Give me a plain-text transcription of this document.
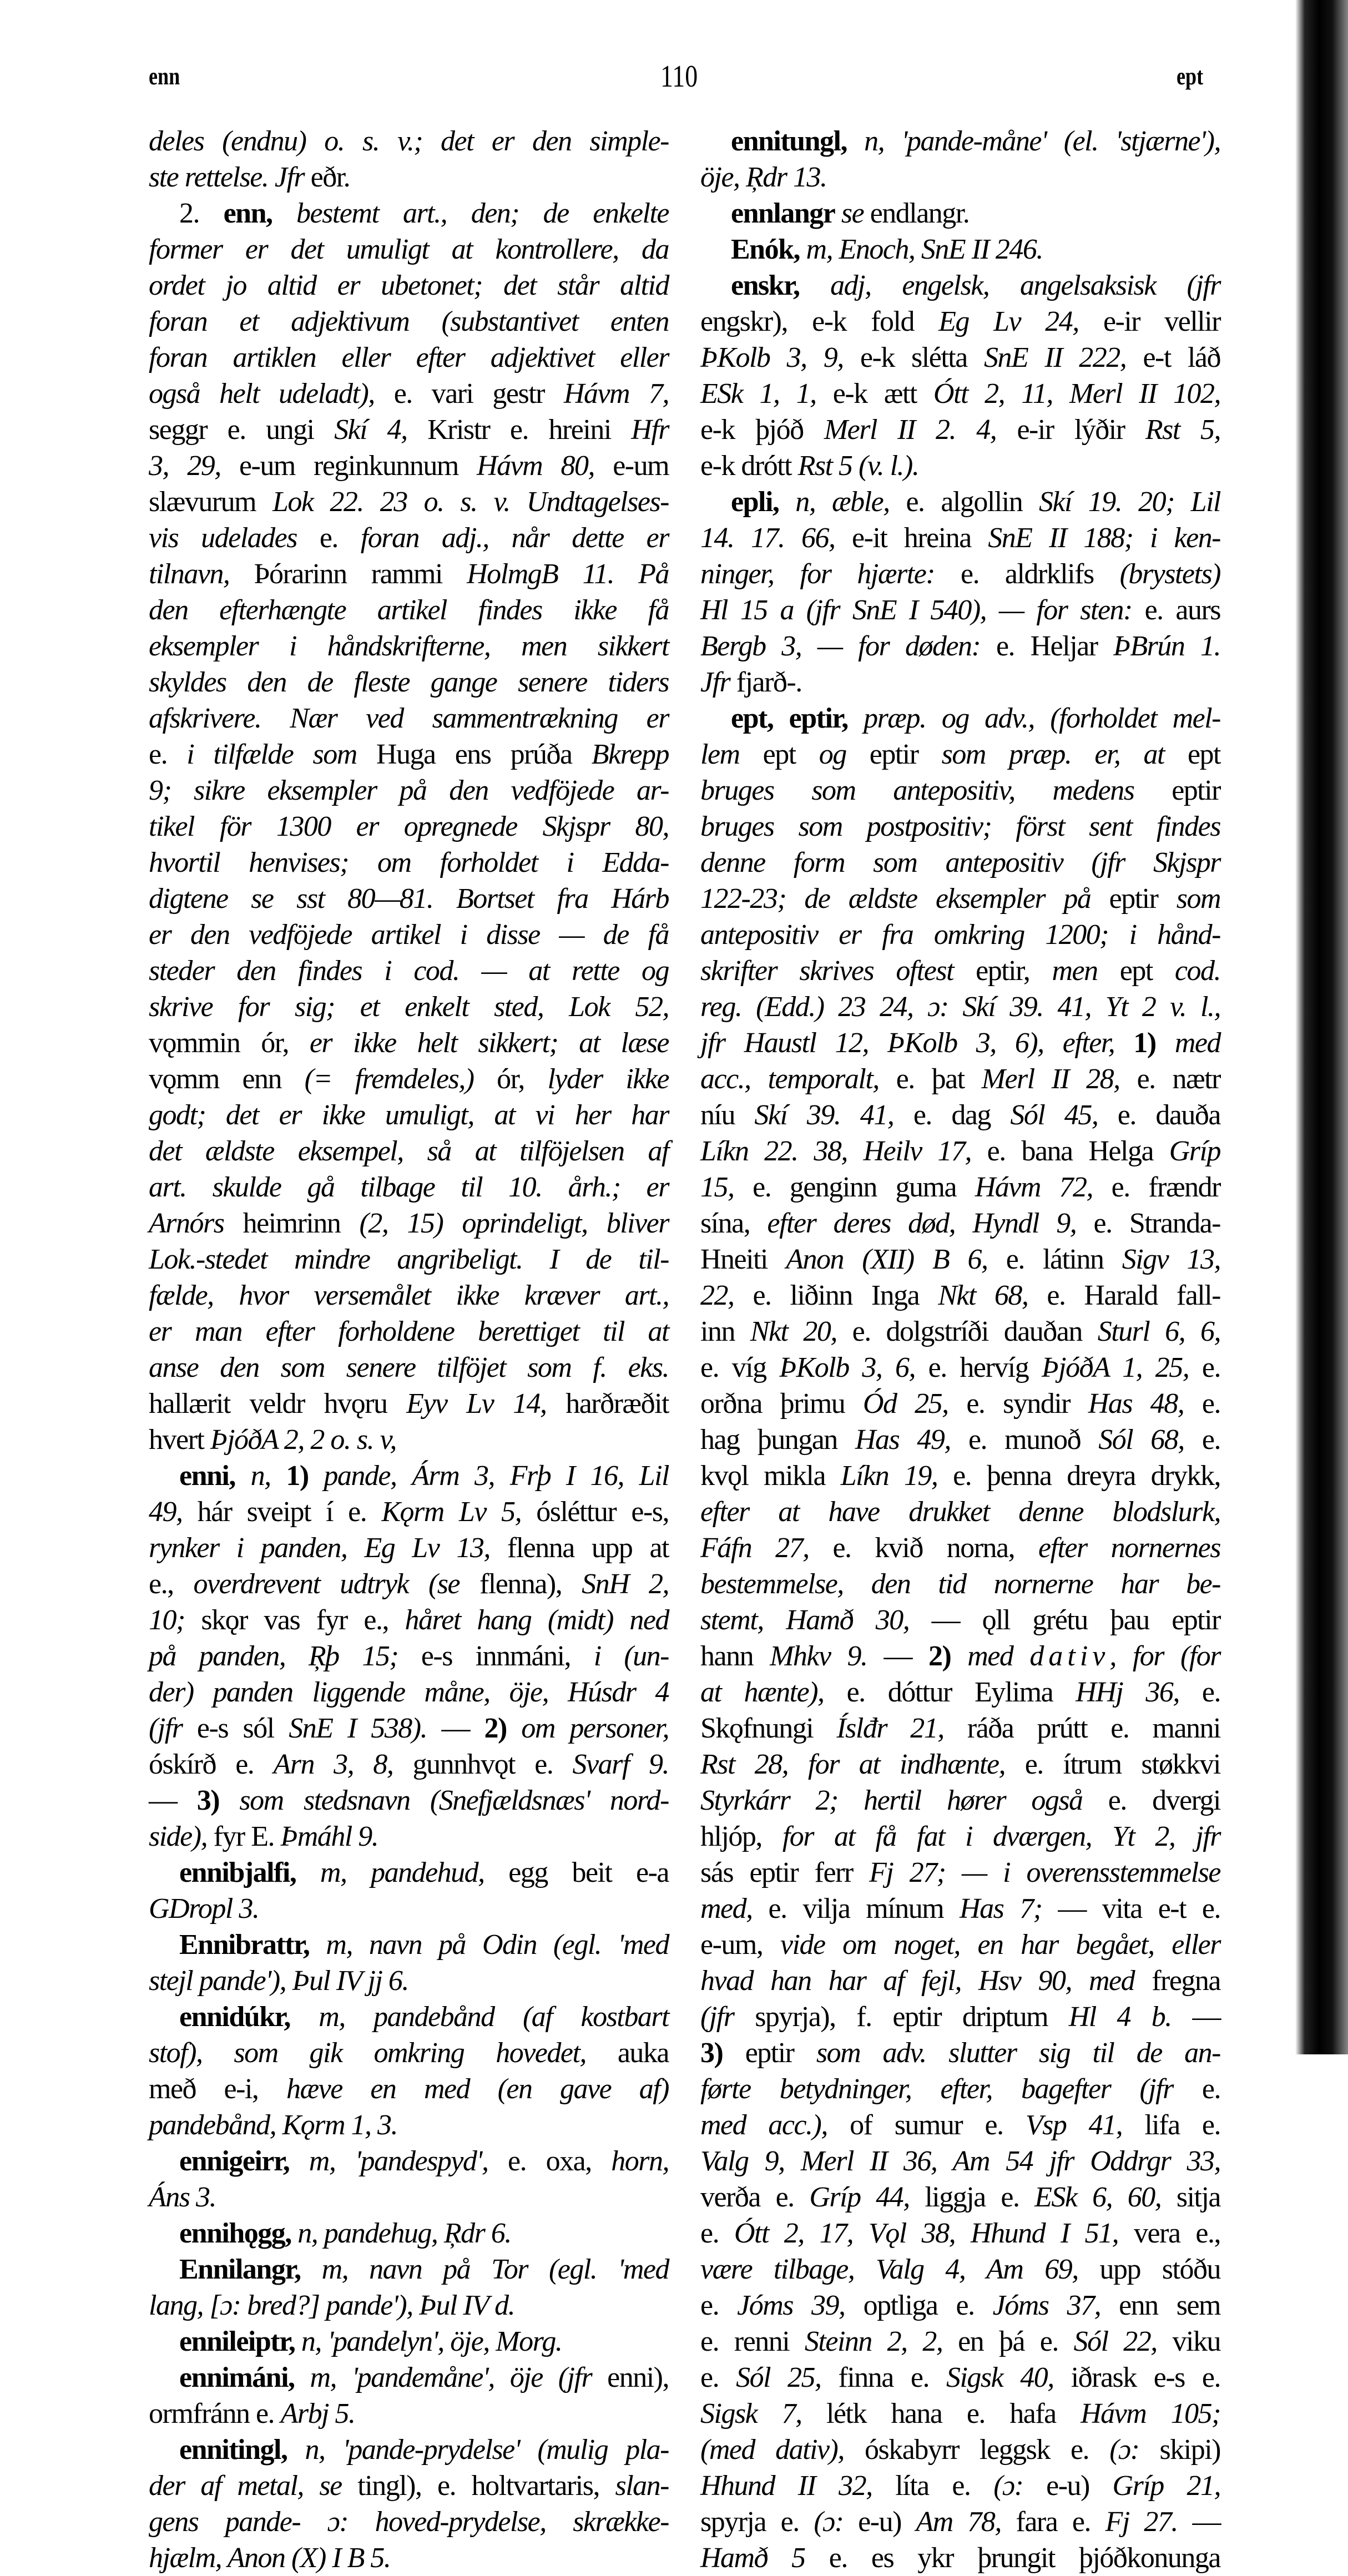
enn	110	ept
deles (endnu) o. s. v.; det er den simple-
ste rettelse. Jfr eðr.
2. enn, bestemt art., den; de enkelte
former er det umuligt at kontrollere, da
ordet jo altid er ubetonet; det står altid
foran et adjektivum (substantivet enten
foran artiklen eller efter adjektivet eller
også helt udeladt), e. vari gestr Hávm 7,
seggr e. ungi Skí 4, Kristr e. hreini Hfr
3, 29, e-um reginkunnum Hávm 80, e-um
slævurum Lok 22. 23 o. s. v. Undtagelses-
vis udelades e. foran adj., når dette er
tilnavn, Þórarinn rammi HolmgB 11. På
den efterhængte artikel findes ikke få
eksempler i håndskrifterne, men sikkert
skyldes den de fleste gange senere tiders
afskrivere. Nær ved sammentrækning er
e. i tilfælde som Huga ens prúða Bkrepp
9; sikre eksempler på den vedföjede ar-
tikel för 1300 er opregnede Skjspr 80,
hvortil henvises; om forholdet i Edda-
digtene se sst 80—81. Bortset fra Hárb
er den vedföjede artikel i disse — de få
steder den findes i cod. — at rette og
skrive for sig; et enkelt sted, Lok 52,
vǫmmin ór, er ikke helt sikkert; at læse
vǫmm enn (= fremdeles,) ór, lyder ikke
godt; det er ikke umuligt, at vi her har
det ældste eksempel, så at tilföjelsen af
art. skulde gå tilbage til 10. årh.; er
Arnórs heimrinn (2, 15) oprindeligt, bliver
Lok.-stedet mindre angribeligt. I de til-
fælde, hvor versemålet ikke kræver art.,
er man efter forholdene berettiget til at
anse den som senere tilföjet som f. eks.
hallærit veldr hvǫru Eyv Lv 14, harðræðit
hvert ÞjóðA 2, 2 o. s. v,
enni, n, 1) pande, Árm 3, Frþ I 16, Lil
49, hár sveipt í e. Kǫrm Lv 5, ósléttur e-s,
rynker i panden, Eg Lv 13, flenna upp at
e., overdrevent udtryk (se flenna), SnH 2,
10; skǫr vas fyr e., håret hang (midt) ned
på panden, Ŗþ 15; e-s innmáni, i (un-
der) panden liggende måne, öje, Húsdr 4
(jfr e-s sól SnE I 538). — 2) om personer,
óskírð e. Arn 3, 8, gunnhvǫt e. Svarf 9.
— 3) som stedsnavn (Snefjældsnæs' nord-
side), fyr E. Þmáhl 9.
ennibjalfi, m, pandehud, egg beit e-a
GDropl 3.
Ennibrattr, m, navn på Odin (egl. 'med
stejl pande'), Þul IV jj 6.
ennidúkr, m, pandebånd (af kostbart
stof), som gik omkring hovedet, auka
með e-i, hæve en med (en gave af)
pandebånd, Kǫrm 1, 3.
ennigeirr, m, 'pandespyd', e. oxa, horn,
Áns 3.
ennihǫgg, n, pandehug, Ŗdr 6.
Ennilangr, m, navn på Tor (egl. 'med
lang, [ɔ: bred?] pande'), Þul IV d.
ennileiptr, n, 'pandelyn', öje, Morg.
ennimáni, m, 'pandemåne', öje (jfr enni),
ormfránn e. Arbj 5.
ennitingl, n, 'pande-prydelse' (mulig pla-
der af metal, se tingl), e. holtvartaris, slan-
gens pande- ɔ: hoved-prydelse, skrække-
hjælm, Anon (X) I B 5.
ennitungl, n, 'pande-måne' (el. 'stjærne'),
öje, Ŗdr 13.
ennlangr se endlangr.
Enók, m, Enoch, SnE II 246.
enskr, adj, engelsk, angelsaksisk (jfr
engskr), e-k fold Eg Lv 24, e-ir vellir
ÞKolb 3, 9, e-k slétta SnE II 222, e-t láð
ESk 1, 1, e-k ætt Ótt 2, 11, Merl II 102,
e-k þjóð Merl II 2. 4, e-ir lýðir Rst 5,
e-k drótt Rst 5 (v. l.).
epli, n, æble, e. algollin Skí 19. 20; Lil
14. 17. 66, e-it hreina SnE II 188; i ken-
ninger, for hjærte: e. aldrklifs (brystets)
Hl 15 a (jfr SnE I 540), — for sten: e. aurs
Bergb 3, — for døden: e. Heljar ÞBrún 1.
Jfr fjarð-.
ept, eptir, præp. og adv., (forholdet mel-
lem ept og eptir som præp. er, at ept
bruges som antepositiv, medens eptir
bruges som postpositiv; först sent findes
denne form som antepositiv (jfr Skjspr
122-23; de ældste eksempler på eptir som
antepositiv er fra omkring 1200; i hånd-
skrifter skrives oftest eptir, men ept cod.
reg. (Edd.) 23 24, ɔ: Skí 39. 41, Yt 2 v. l.,
jfr Haustl 12, ÞKolb 3, 6), efter, 1) med
acc., temporalt, e. þat Merl II 28, e. nætr
níu Skí 39. 41, e. dag Sól 45, e. dauða
Líkn 22. 38, Heilv 17, e. bana Helga Gríp
15, e. genginn guma Hávm 72, e. frændr
sína, efter deres død, Hyndl 9, e. Stranda-
Hneiti Anon (XII) B 6, e. látinn Sigv 13,
22, e. liðinn Inga Nkt 68, e. Harald fall-
inn Nkt 20, e. dolgstríði dauðan Sturl 6, 6,
e. víg ÞKolb 3, 6, e. hervíg ÞjóðA 1, 25, e.
orðna þrimu Ód 25, e. syndir Has 48, e.
hag þungan Has 49, e. munoð Sól 68, e.
kvǫl mikla Líkn 19, e. þenna dreyra drykk,
efter at have drukket denne blodslurk,
Fáfn 27, e. kvið norna, efter nornernes
bestemmelse, den tid nornerne har be-
stemt, Hamð 30, — ǫll grétu þau eptir
hann Mhkv 9. — 2) med dativ, for (for
at hænte), e. dóttur Eylima HHj 36, e.
Skǫfnungi Íslđr 21, ráða prútt e. manni
Rst 28, for at indhænte, e. ítrum støkkvi
Styrkárr 2; hertil hører også e. dvergi
hljóp, for at få fat i dværgen, Yt 2, jfr
sás eptir ferr Fj 27; — i overensstemmelse
med, e. vilja mínum Has 7; — vita e-t e.
e-um, vide om noget, en har begået, eller
hvad han har af fejl, Hsv 90, med fregna
(jfr spyrja), f. eptir driptum Hl 4 b. —
3) eptir som adv. slutter sig til de an-
førte betydninger, efter, bagefter (jfr e.
med acc.), of sumur e. Vsp 41, lifa e.
Valg 9, Merl II 36, Am 54 jfr Oddrgr 33,
verða e. Gríp 44, liggja e. ESk 6, 60, sitja
e. Ótt 2, 17, Vǫl 38, Hhund I 51, vera e.,
være tilbage, Valg 4, Am 69, upp stóðu
e. Jóms 39, optliga e. Jóms 37, enn sem
e. renni Steinn 2, 2, en þá e. Sól 22, viku
e. Sól 25, finna e. Sigsk 40, iðrask e-s e.
Sigsk 7, létk hana e. hafa Hávm 105;
(med dativ), óskabyrr leggsk e. (ɔ: skipi)
Hhund II 32, líta e. (ɔ: e-u) Gríp 21,
spyrja e. (ɔ: e-u) Am 78, fara e. Fj 27. —
Hamð 5 e. es ykr þrungit þjóðkonunga
